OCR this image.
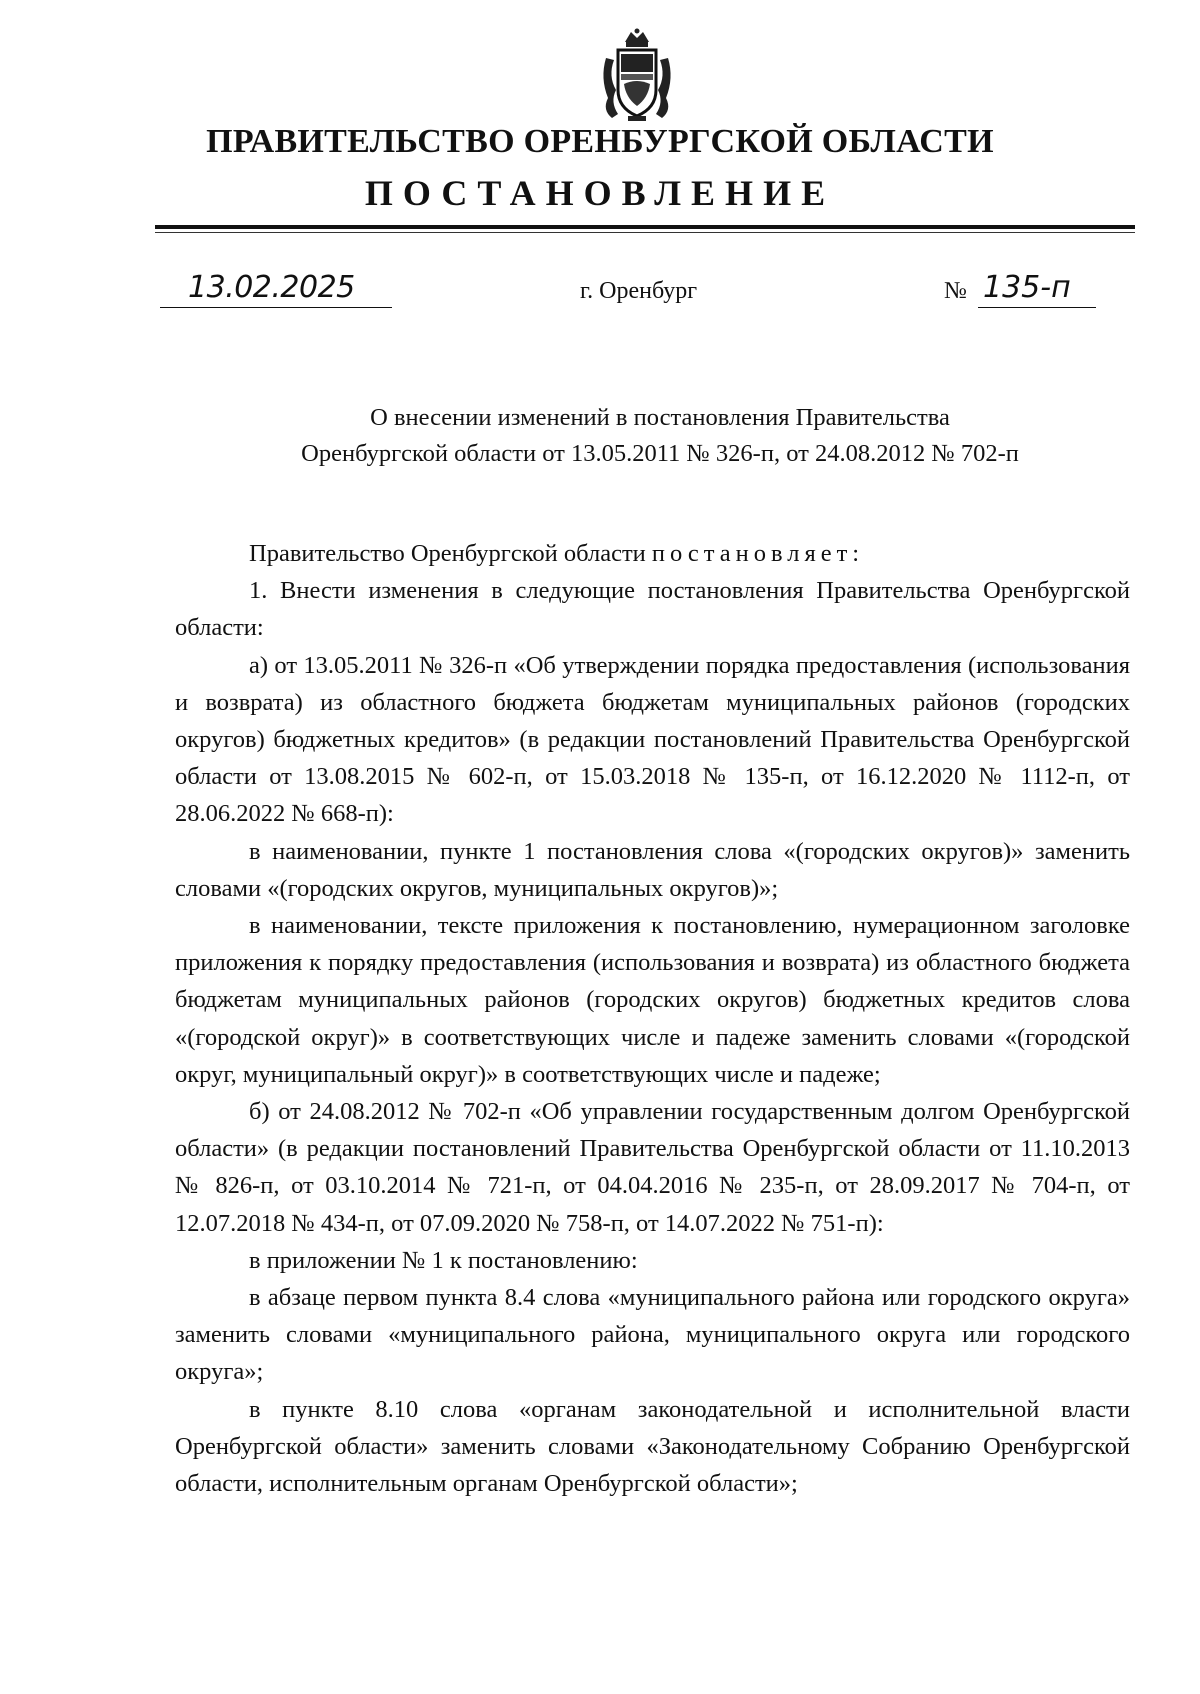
ПРАВИТЕЛЬСТВО ОРЕНБУРГСКОЙ ОБЛАСТИ
ПОСТАНОВЛЕНИЕ
13.02.2025	г. Оренбург	№ 135-п
О внесении изменений в постановления Правительства
Оренбургской области от 13.05.2011 № 326-п, от 24.08.2012 № 702-п

Правительство Оренбургской области постановляет:

1. Внести изменения в следующие постановления Правительства Оренбургской области:

а) от 13.05.2011 № 326-п «Об утверждении порядка предоставления (использования и возврата) из областного бюджета бюджетам муниципальных районов (городских округов) бюджетных кредитов» (в редакции постановлений Правительства Оренбургской области от 13.08.2015 № 602-п, от 15.03.2018 № 135-п, от 16.12.2020 № 1112-п, от 28.06.2022 № 668-п):

в наименовании, пункте 1 постановления слова «(городских округов)» заменить словами «(городских округов, муниципальных округов)»;

в наименовании, тексте приложения к постановлению, нумерационном заголовке приложения к порядку предоставления (использования и возврата) из областного бюджета бюджетам муниципальных районов (городских округов) бюджетных кредитов слова «(городской округ)» в соответствующих числе и падеже заменить словами «(городской округ, муниципальный округ)» в соответствующих числе и падеже;

б) от 24.08.2012 № 702-п «Об управлении государственным долгом Оренбургской области» (в редакции постановлений Правительства Оренбургской области от 11.10.2013 № 826-п, от 03.10.2014 № 721-п, от 04.04.2016 № 235-п, от 28.09.2017 № 704-п, от 12.07.2018 № 434-п, от 07.09.2020 № 758-п, от 14.07.2022 № 751-п):

в приложении № 1 к постановлению:

в абзаце первом пункта 8.4 слова «муниципального района или городского округа» заменить словами «муниципального района, муниципального округа или городского округа»;

в пункте 8.10 слова «органам законодательной и исполнительной власти Оренбургской области» заменить словами «Законодательному Собранию Оренбургской области, исполнительным органам Оренбургской области»;
